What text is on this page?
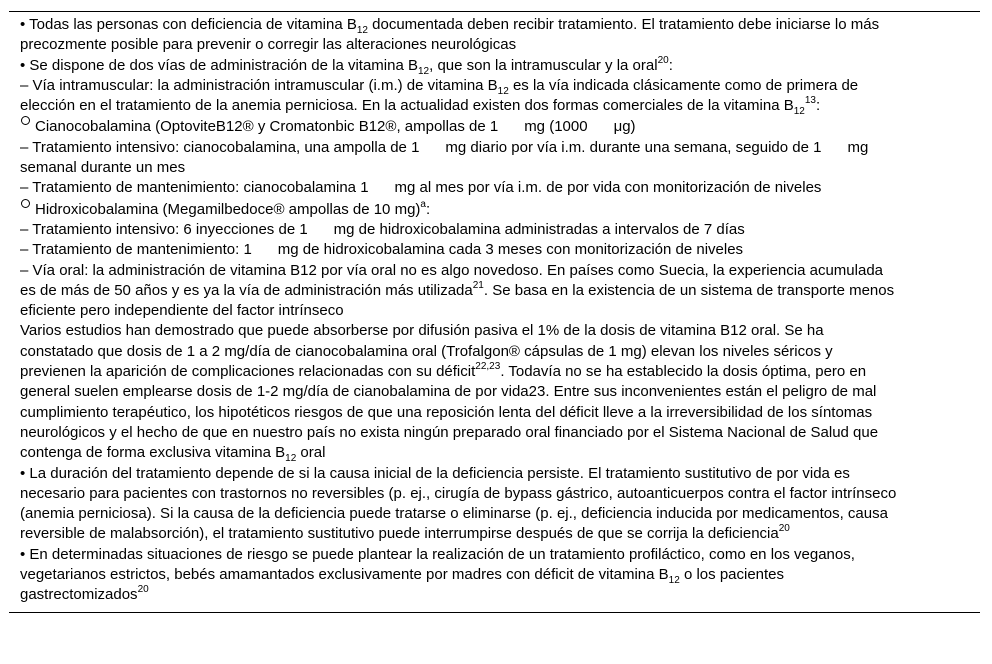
• Todas las personas con deficiencia de vitamina $B_{12}$ documentada deben recibir tratamiento. El tratamiento debe iniciarse lo más
precozmente posible para prevenir o corregir las alteraciones neurológicas
• Se dispone de dos vías de administración de la vitamina $B_{12}$, que son la intramuscular y la oral$^{20}$:
– Vía intramuscular: la administración intramuscular (i.m.) de vitamina $B_{12}$ es la vía indicada clásicamente como de primera de
elección en el tratamiento de la anemia perniciosa. En la actualidad existen dos formas comerciales de la vitamina $B_{12}^{13}$:
Cianocobalamina (OptoviteB12® y Cromatonbic B12®, ampollas de 1 mg (1000 μg)
– Tratamiento intensivo: cianocobalamina, una ampolla de 1 mg diario por vía i.m. durante una semana, seguido de 1 mg
semanal durante un mes
– Tratamiento de mantenimiento: cianocobalamina 1 mg al mes por vía i.m. de por vida con monitorización de niveles
Hidroxicobalamina (Megamilbedoce® ampollas de 10 mg)$^a$:
– Tratamiento intensivo: 6 inyecciones de 1 mg de hidroxicobalamina administradas a intervalos de 7 días
– Tratamiento de mantenimiento: 1 mg de hidroxicobalamina cada 3 meses con monitorización de niveles
– Vía oral: la administración de vitamina B12 por vía oral no es algo novedoso. En países como Suecia, la experiencia acumulada
es de más de 50 años y es ya la vía de administración más utilizada$^{21}$. Se basa en la existencia de un sistema de transporte menos
eficiente pero independiente del factor intrínseco
Varios estudios han demostrado que puede absorberse por difusión pasiva el 1% de la dosis de vitamina B12 oral. Se ha
constatado que dosis de 1 a 2 mg/día de cianocobalamina oral (Trofalgon® cápsulas de 1 mg) elevan los niveles séricos y
previenen la aparición de complicaciones relacionadas con su déficit$^{22,23}$. Todavía no se ha establecido la dosis óptima, pero en
general suelen emplearse dosis de 1-2 mg/día de cianobalamina de por vida23. Entre sus inconvenientes están el peligro de mal
cumplimiento terapéutico, los hipotéticos riesgos de que una reposición lenta del déficit lleve a la irreversibilidad de los síntomas
neurológicos y el hecho de que en nuestro país no exista ningún preparado oral financiado por el Sistema Nacional de Salud que
contenga de forma exclusiva vitamina $B_{12}$ oral
• La duración del tratamiento depende de si la causa inicial de la deficiencia persiste. El tratamiento sustitutivo de por vida es
necesario para pacientes con trastornos no reversibles (p. ej., cirugía de bypass gástrico, autoanticuerpos contra el factor intrínseco
(anemia perniciosa). Si la causa de la deficiencia puede tratarse o eliminarse (p. ej., deficiencia inducida por medicamentos, causa
reversible de malabsorción), el tratamiento sustitutivo puede interrumpirse después de que se corrija la deficiencia$^{20}$
• En determinadas situaciones de riesgo se puede plantear la realización de un tratamiento profiláctico, como en los veganos,
vegetarianos estrictos, bebés amamantados exclusivamente por madres con déficit de vitamina $B_{12}$ o los pacientes
gastrectomizados$^{20}$
